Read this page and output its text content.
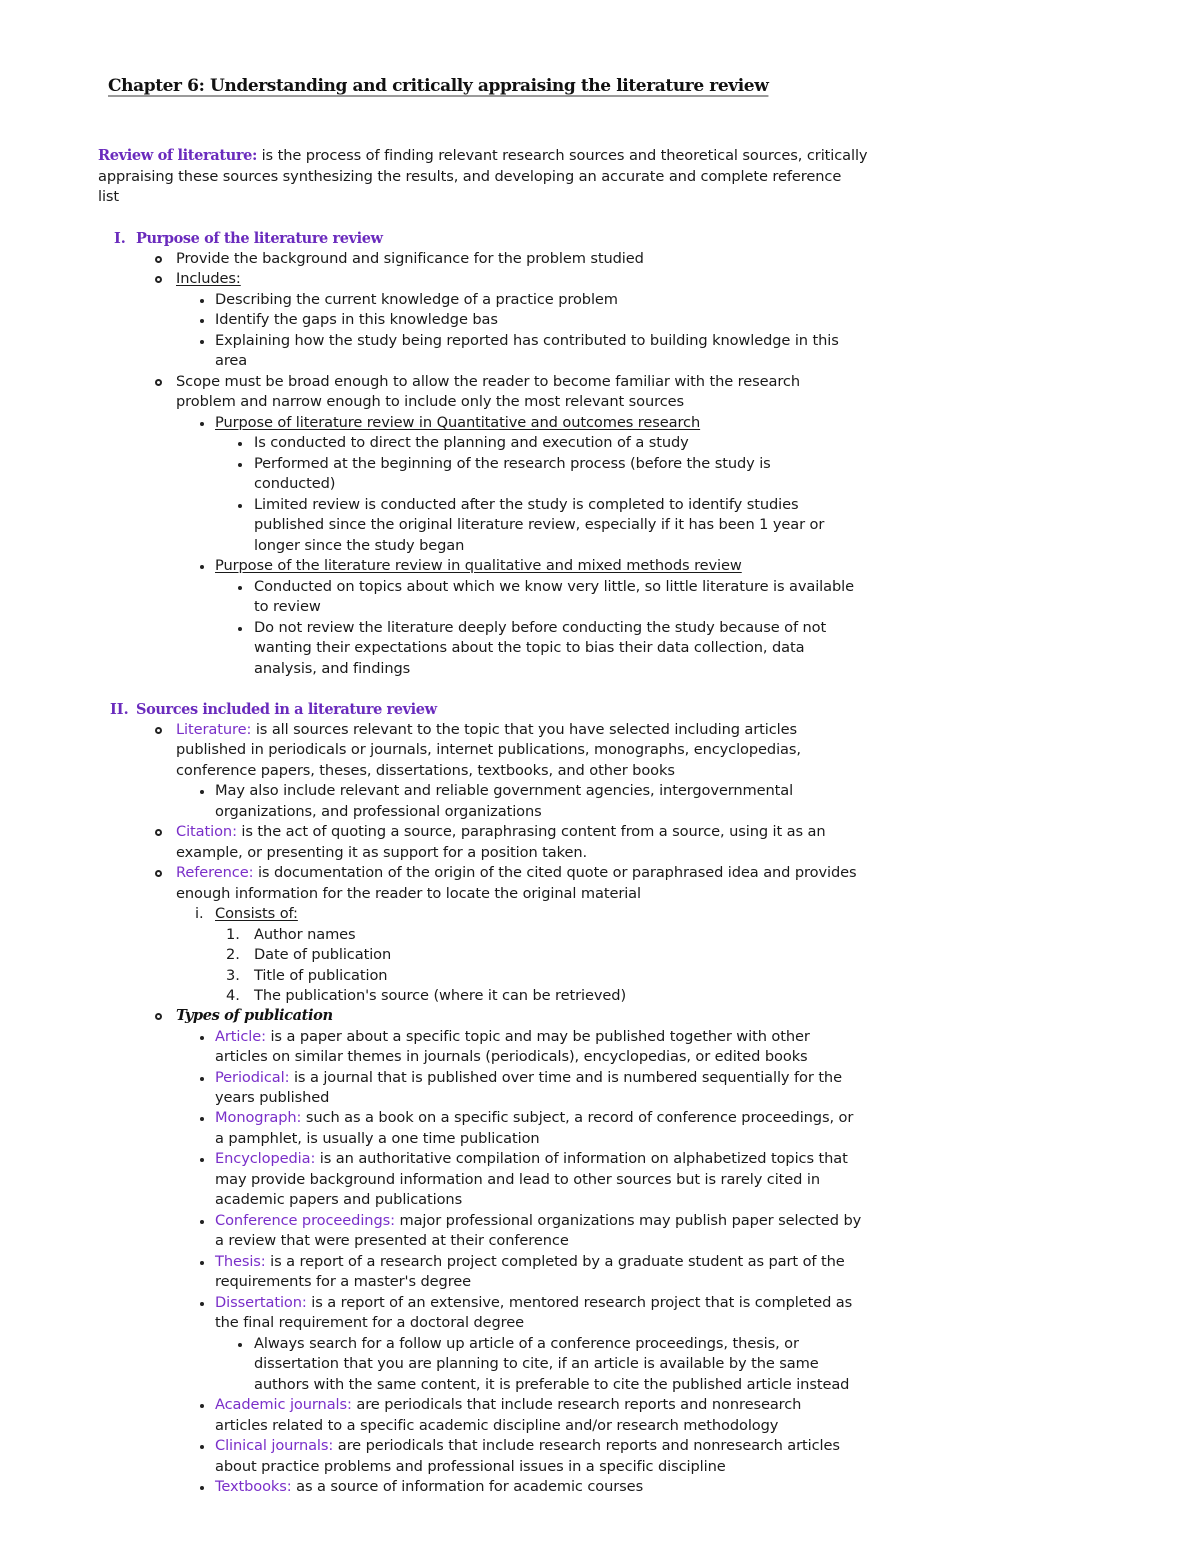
Chapter 6: Understanding and critically appraising the literature review
Review of literature: is the process of finding relevant research sources and theoretical sources, critically
appraising these sources synthesizing the results, and developing an accurate and complete reference
list
I. Purpose of the literature review
Provide the background and significance for the problem studied
Includes:
Describing the current knowledge of a practice problem
Identify the gaps in this knowledge bas
Explaining how the study being reported has contributed to building knowledge in this
area
Scope must be broad enough to allow the reader to become familiar with the research
problem and narrow enough to include only the most relevant sources
Purpose of literature review in Quantitative and outcomes research
Is conducted to direct the planning and execution of a study
Performed at the beginning of the research process (before the study is
conducted)
Limited review is conducted after the study is completed to identify studies
published since the original literature review, especially if it has been 1 year or
longer since the study began
Purpose of the literature review in qualitative and mixed methods review
Conducted on topics about which we know very little, so little literature is available
to review
Do not review the literature deeply before conducting the study because of not
wanting their expectations about the topic to bias their data collection, data
analysis, and findings
II. Sources included in a literature review
Literature: is all sources relevant to the topic that you have selected including articles
published in periodicals or journals, internet publications, monographs, encyclopedias,
conference papers, theses, dissertations, textbooks, and other books
May also include relevant and reliable government agencies, intergovernmental
organizations, and professional organizations
Citation: is the act of quoting a source, paraphrasing content from a source, using it as an
example, or presenting it as support for a position taken.
Reference: is documentation of the origin of the cited quote or paraphrased idea and provides
enough information for the reader to locate the original material
i. Consists of:
1. Author names
2. Date of publication
3. Title of publication
4. The publication's source (where it can be retrieved)
Types of publication
Article: is a paper about a specific topic and may be published together with other
articles on similar themes in journals (periodicals), encyclopedias, or edited books
Periodical: is a journal that is published over time and is numbered sequentially for the
years published
Monograph: such as a book on a specific subject, a record of conference proceedings, or
a pamphlet, is usually a one time publication
Encyclopedia: is an authoritative compilation of information on alphabetized topics that
may provide background information and lead to other sources but is rarely cited in
academic papers and publications
Conference proceedings: major professional organizations may publish paper selected by
a review that were presented at their conference
Thesis: is a report of a research project completed by a graduate student as part of the
requirements for a master's degree
Dissertation: is a report of an extensive, mentored research project that is completed as
the final requirement for a doctoral degree
Always search for a follow up article of a conference proceedings, thesis, or
dissertation that you are planning to cite, if an article is available by the same
authors with the same content, it is preferable to cite the published article instead
Academic journals: are periodicals that include research reports and nonresearch
articles related to a specific academic discipline and/or research methodology
Clinical journals: are periodicals that include research reports and nonresearch articles
about practice problems and professional issues in a specific discipline
Textbooks: as a source of information for academic courses
